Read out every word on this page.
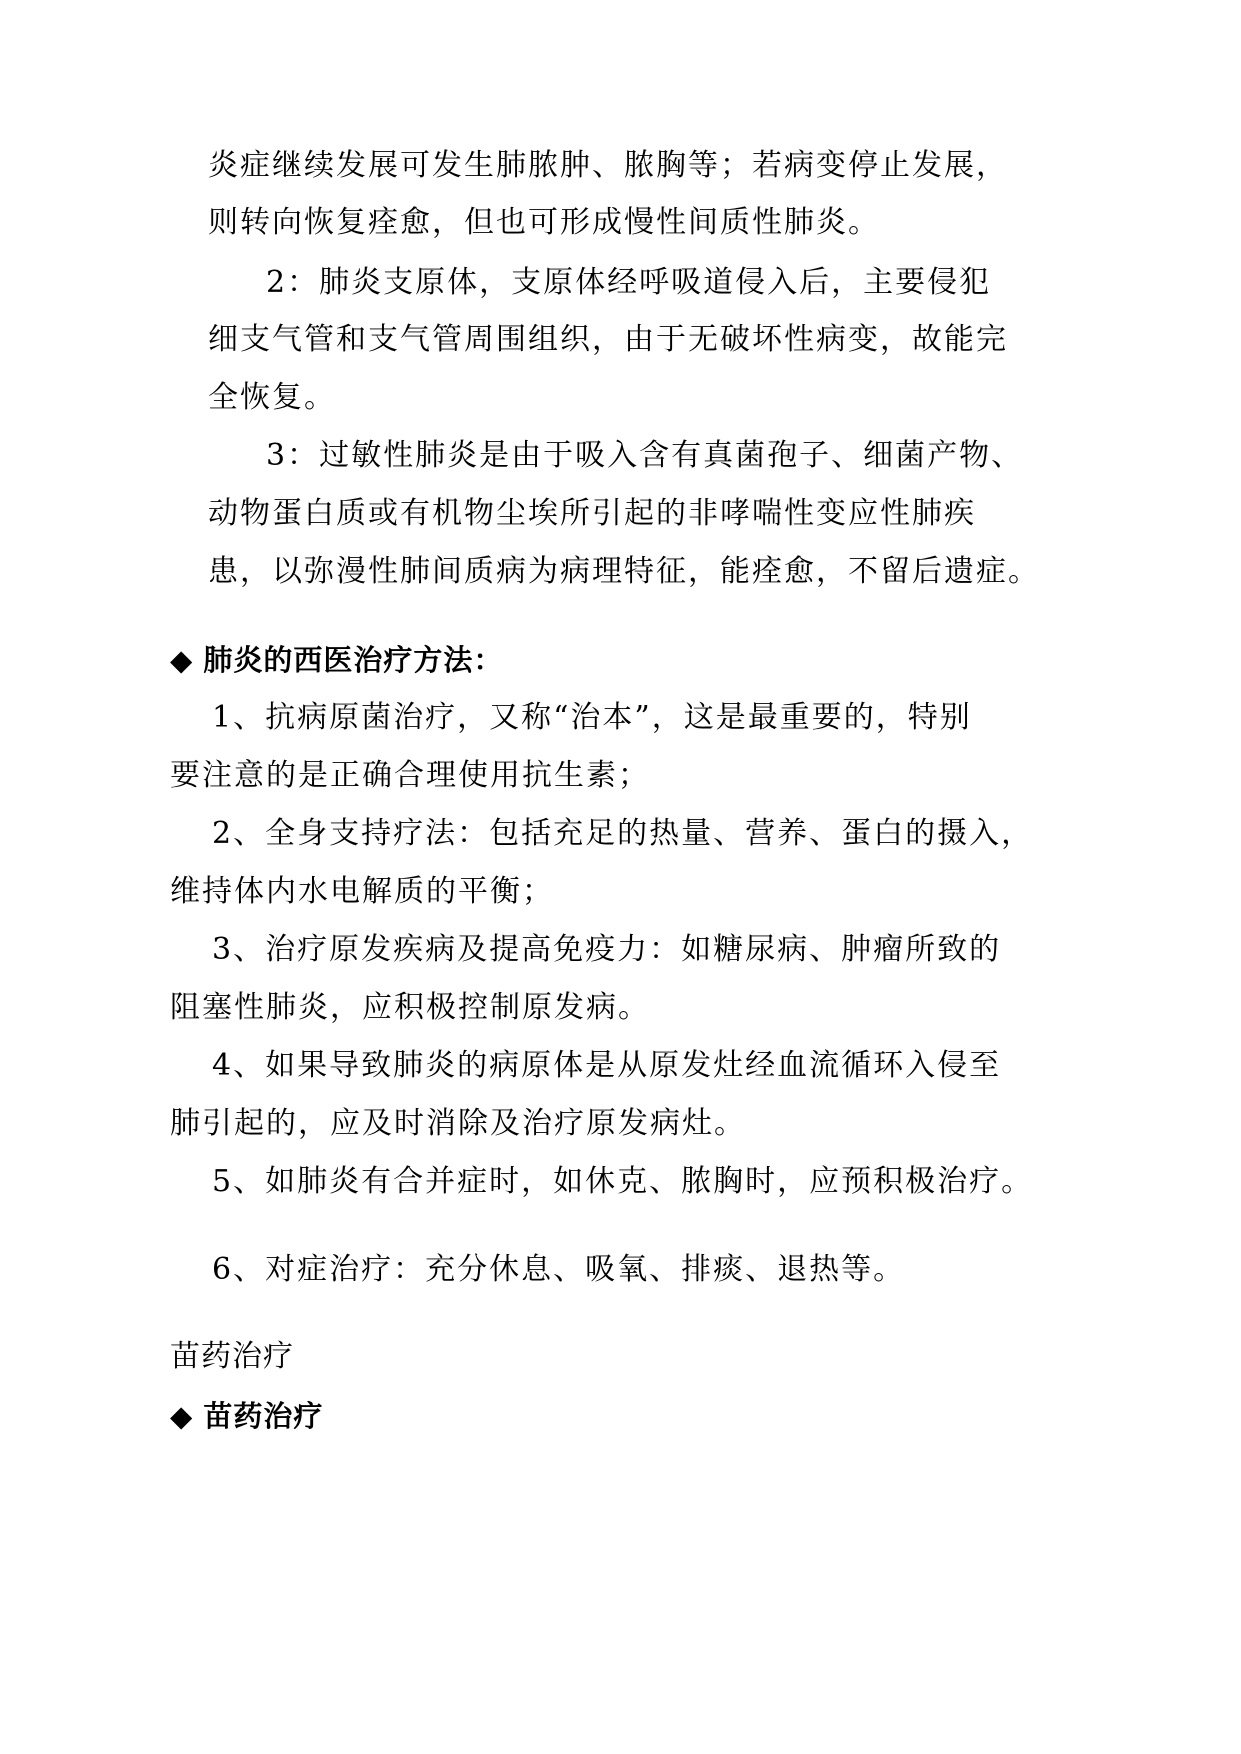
炎症继续发展可发生肺脓肿、脓胸等；若病变停止发展，
则转向恢复痊愈，但也可形成慢性间质性肺炎。
2：肺炎支原体，支原体经呼吸道侵入后，主要侵犯
细支气管和支气管周围组织，由于无破坏性病变，故能完
全恢复。
3：过敏性肺炎是由于吸入含有真菌孢子、细菌产物、
动物蛋白质或有机物尘埃所引起的非哮喘性变应性肺疾
患，以弥漫性肺间质病为病理特征，能痊愈，不留后遗症。
◆ 肺炎的西医治疗方法：
1、抗病原菌治疗，又称“治本”，这是最重要的，特别
要注意的是正确合理使用抗生素；
2、全身支持疗法：包括充足的热量、营养、蛋白的摄入，
维持体内水电解质的平衡；
3、治疗原发疾病及提高免疫力：如糖尿病、肿瘤所致的
阻塞性肺炎，应积极控制原发病。
4、如果导致肺炎的病原体是从原发灶经血流循环入侵至
肺引起的，应及时消除及治疗原发病灶。
5、如肺炎有合并症时，如休克、脓胸时，应预积极治疗。
6、对症治疗：充分休息、吸氧、排痰、退热等。
苗药治疗
◆ 苗药治疗
